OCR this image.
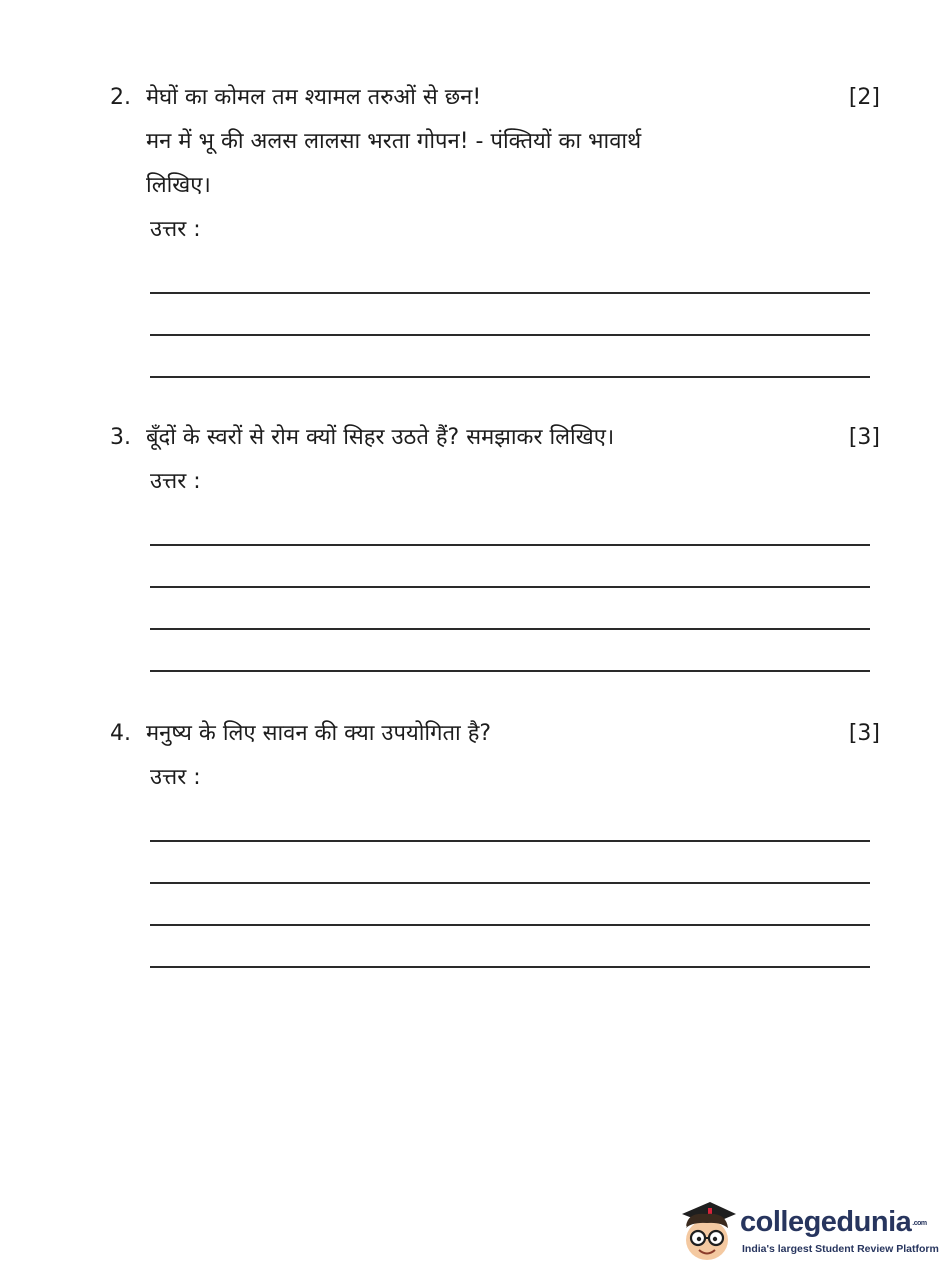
2. मेघों का कोमल तम श्यामल तरुओं से छन!	[2]
मन में भू की अलस लालसा भरता गोपन! - पंक्तियों का भावार्थ
लिखिए।
उत्तर :
3. बूँदों के स्वरों से रोम क्यों सिहर उठते हैं? समझाकर लिखिए।	[3]
उत्तर :
4. मनुष्य के लिए सावन की क्या उपयोगिता है?	[3]
उत्तर :
collegedunia.com
India's largest Student Review Platform
